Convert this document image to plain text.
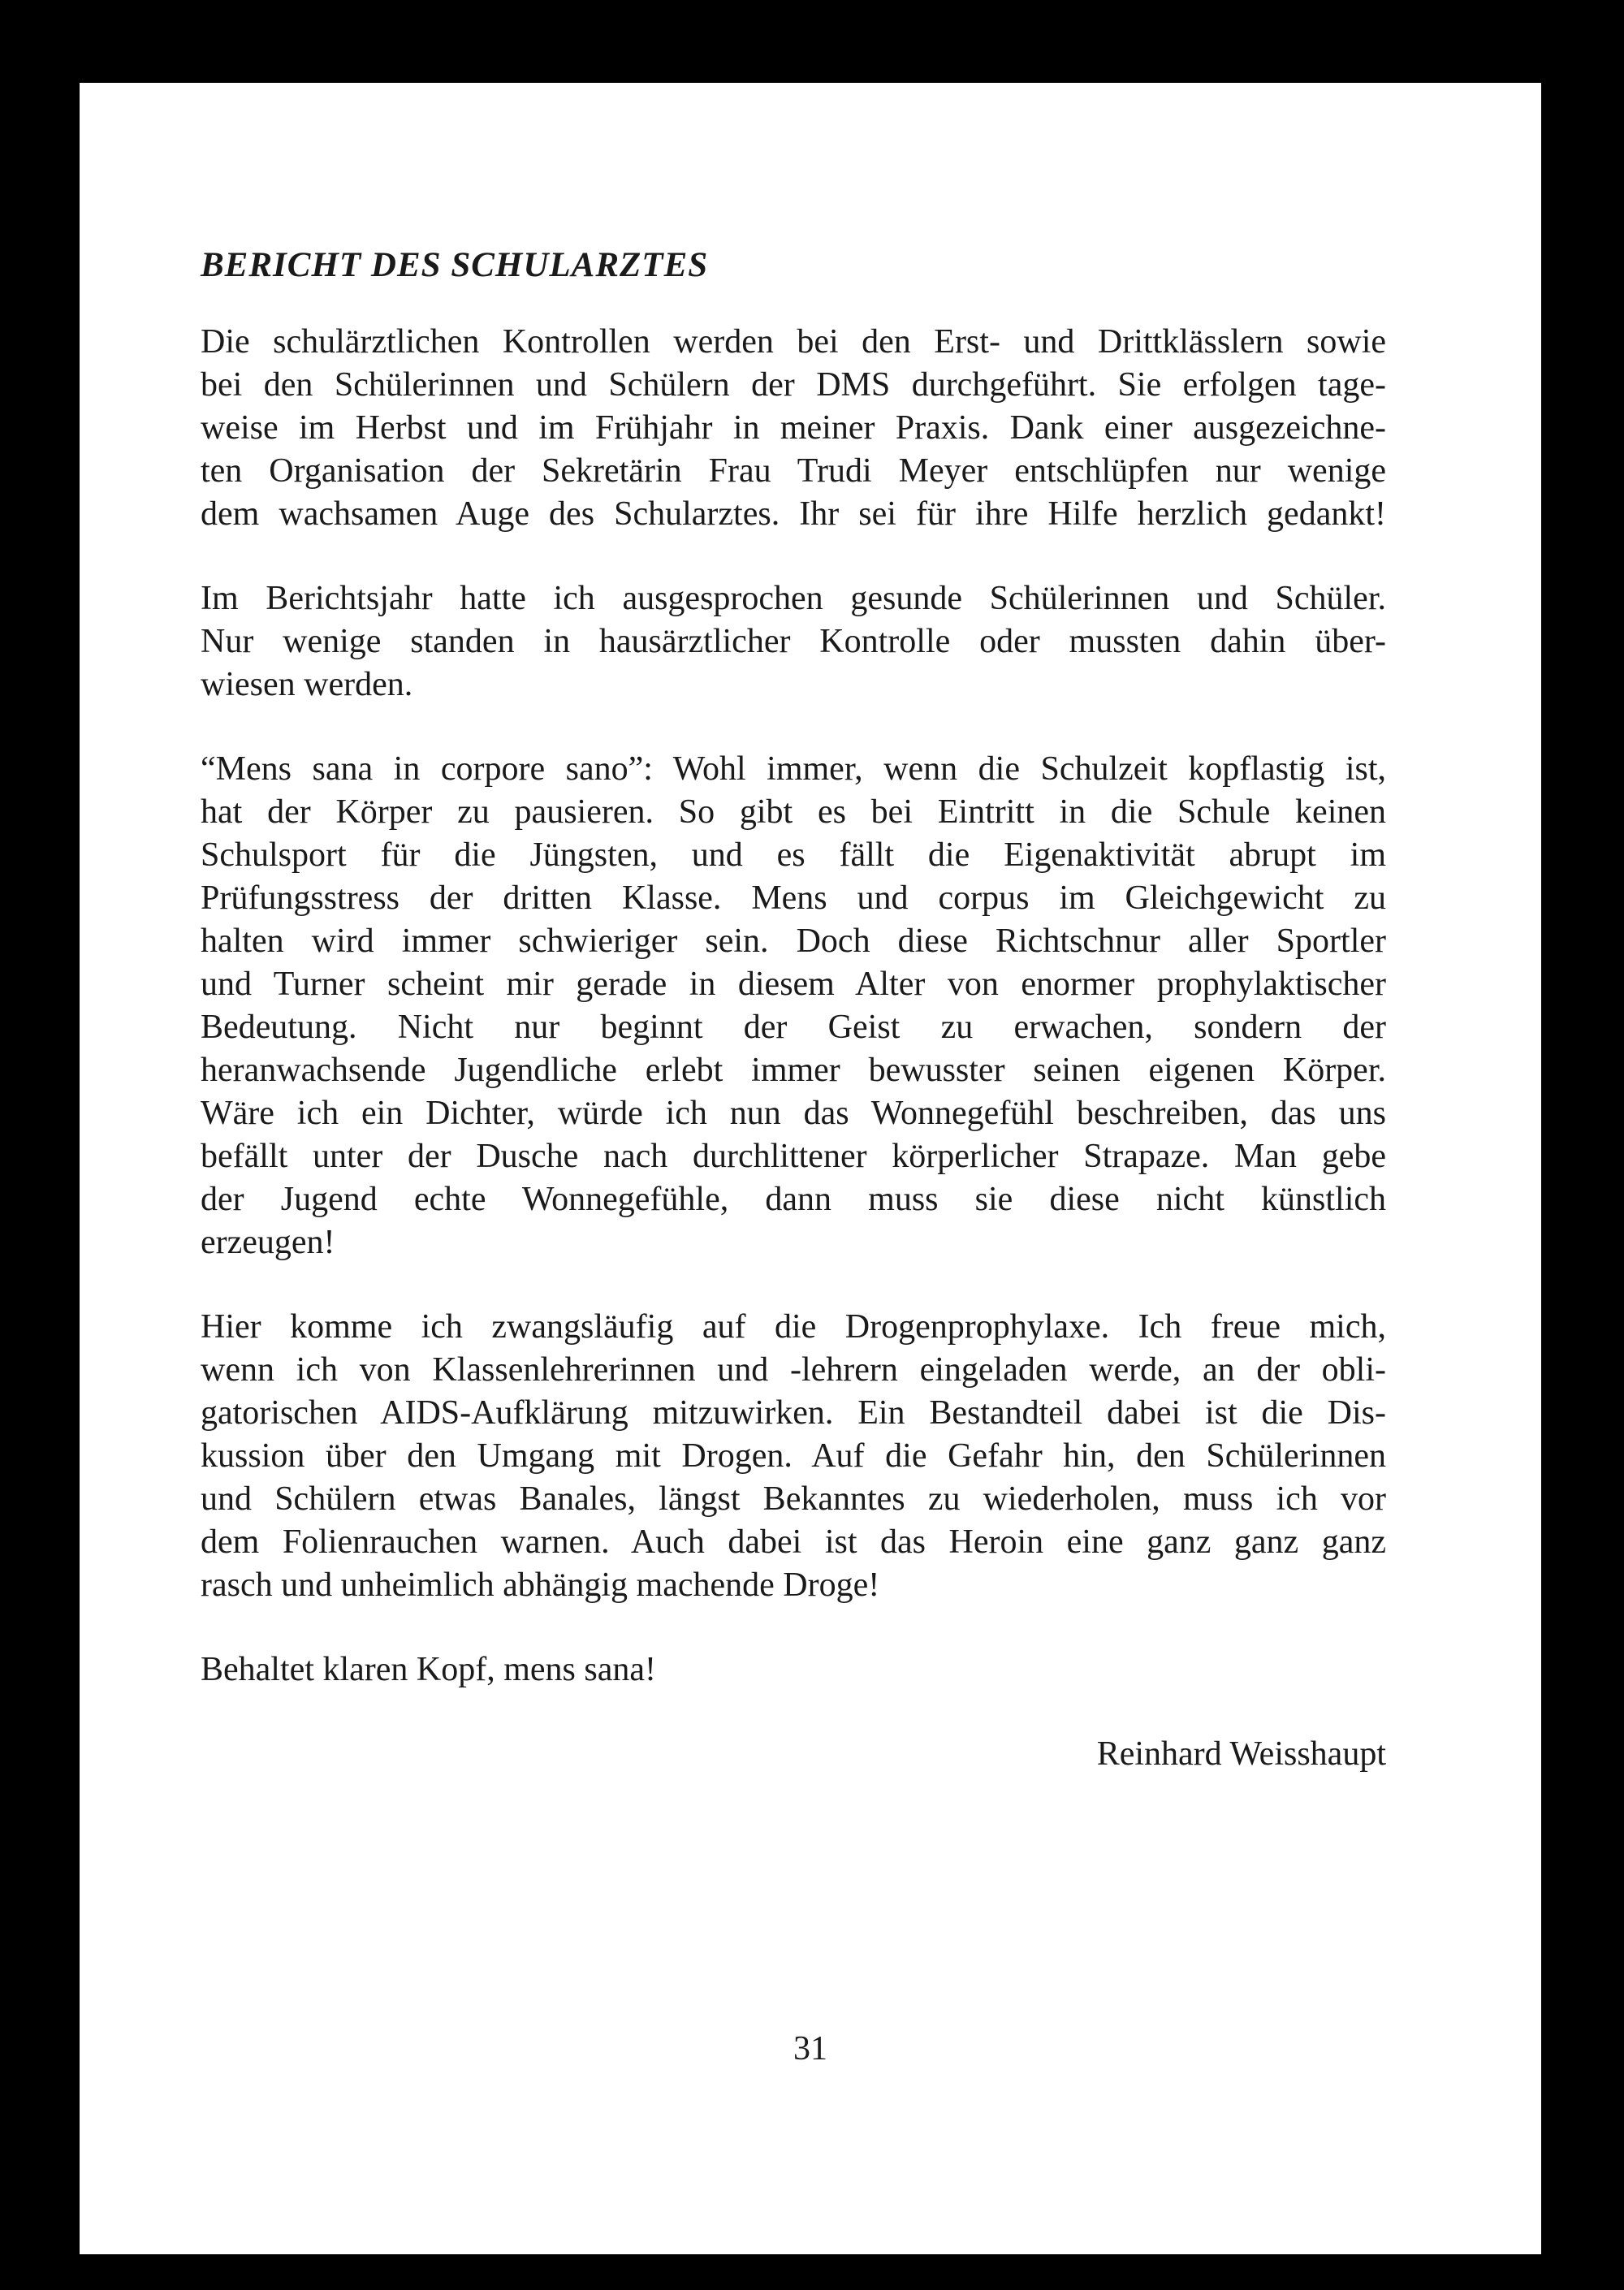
BERICHT DES SCHULARZTES
Die schulärztlichen Kontrollen werden bei den Erst- und Drittklässlern sowie
bei den Schülerinnen und Schülern der DMS durchgeführt. Sie erfolgen tage-
weise im Herbst und im Frühjahr in meiner Praxis. Dank einer ausgezeichne-
ten Organisation der Sekretärin Frau Trudi Meyer entschlüpfen nur wenige
dem wachsamen Auge des Schularztes. Ihr sei für ihre Hilfe herzlich gedankt!
Im Berichtsjahr hatte ich ausgesprochen gesunde Schülerinnen und Schüler.
Nur wenige standen in hausärztlicher Kontrolle oder mussten dahin über-
wiesen werden.
“Mens sana in corpore sano”: Wohl immer, wenn die Schulzeit kopflastig ist,
hat der Körper zu pausieren. So gibt es bei Eintritt in die Schule keinen
Schulsport für die Jüngsten, und es fällt die Eigenaktivität abrupt im
Prüfungsstress der dritten Klasse. Mens und corpus im Gleichgewicht zu
halten wird immer schwieriger sein. Doch diese Richtschnur aller Sportler
und Turner scheint mir gerade in diesem Alter von enormer prophylaktischer
Bedeutung. Nicht nur beginnt der Geist zu erwachen, sondern der
heranwachsende Jugendliche erlebt immer bewusster seinen eigenen Körper.
Wäre ich ein Dichter, würde ich nun das Wonnegefühl beschreiben, das uns
befällt unter der Dusche nach durchlittener körperlicher Strapaze. Man gebe
der Jugend echte Wonnegefühle, dann muss sie diese nicht künstlich
erzeugen!
Hier komme ich zwangsläufig auf die Drogenprophylaxe. Ich freue mich,
wenn ich von Klassenlehrerinnen und -lehrern eingeladen werde, an der obli-
gatorischen AIDS-Aufklärung mitzuwirken. Ein Bestandteil dabei ist die Dis-
kussion über den Umgang mit Drogen. Auf die Gefahr hin, den Schülerinnen
und Schülern etwas Banales, längst Bekanntes zu wiederholen, muss ich vor
dem Folienrauchen warnen. Auch dabei ist das Heroin eine ganz ganz ganz
rasch und unheimlich abhängig machende Droge!
Behaltet klaren Kopf, mens sana!
Reinhard Weisshaupt
31
